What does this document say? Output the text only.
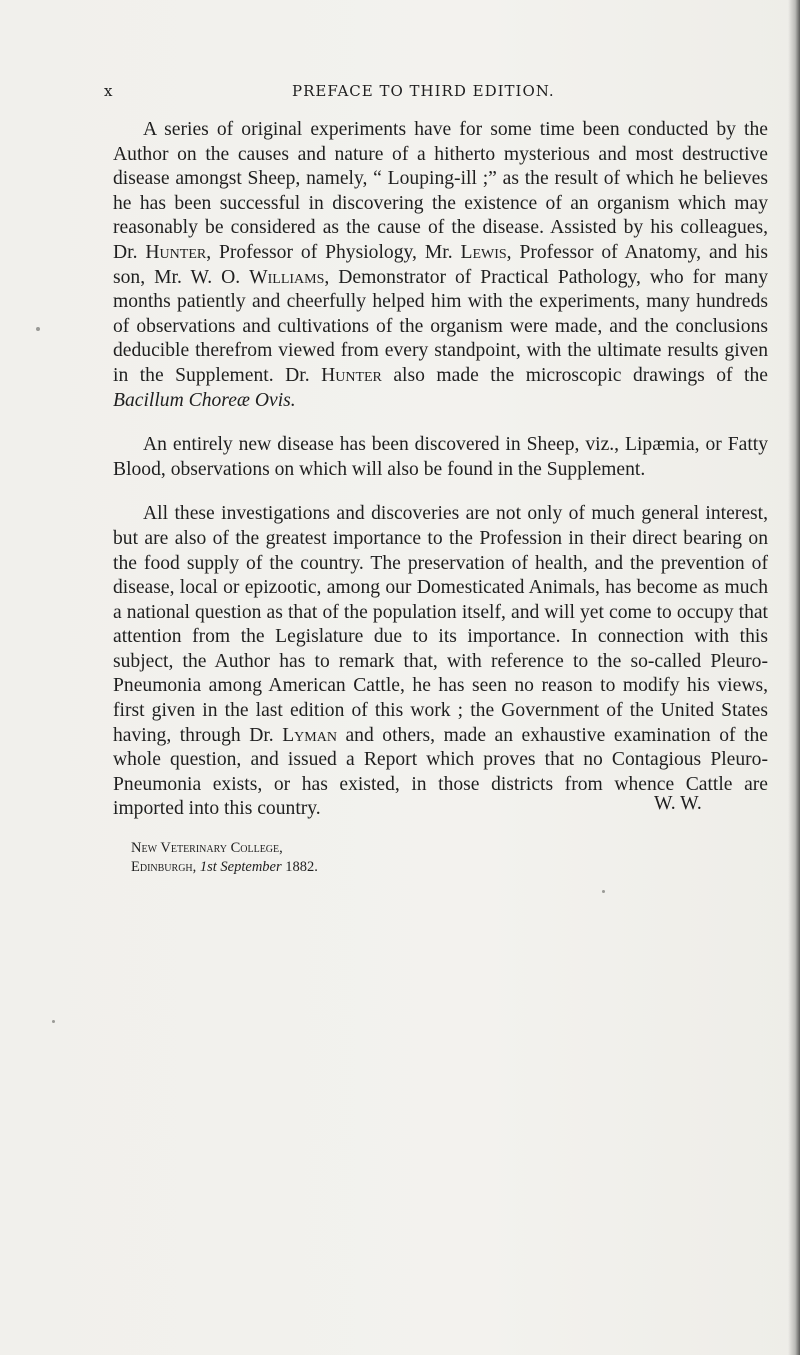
x	PREFACE TO THIRD EDITION.

A series of original experiments have for some time been conducted by the Author on the causes and nature of a hitherto mysterious and most destructive disease amongst Sheep, namely, “ Louping-ill ;” as the result of which he believes he has been successful in discovering the existence of an organism which may reasonably be considered as the cause of the disease. Assisted by his colleagues, Dr. Hunter, Professor of Physiology, Mr. Lewis, Professor of Anatomy, and his son, Mr. W. O. Williams, Demonstrator of Practical Pathology, who for many months patiently and cheerfully helped him with the experiments, many hundreds of observations and cultivations of the organism were made, and the conclusions deducible therefrom viewed from every standpoint, with the ultimate results given in the Supplement. Dr. Hunter also made the microscopic drawings of the Bacillum Choreæ Ovis.

An entirely new disease has been discovered in Sheep, viz., Lipæmia, or Fatty Blood, observations on which will also be found in the Supplement.

All these investigations and discoveries are not only of much general interest, but are also of the greatest importance to the Profession in their direct bearing on the food supply of the country. The preservation of health, and the prevention of disease, local or epizootic, among our Domesticated Animals, has become as much a national question as that of the population itself, and will yet come to occupy that attention from the Legislature due to its importance. In connection with this subject, the Author has to remark that, with reference to the so-called Pleuro-Pneumonia among American Cattle, he has seen no reason to modify his views, first given in the last edition of this work ; the Government of the United States having, through Dr. Lyman and others, made an exhaustive examination of the whole question, and issued a Report which proves that no Contagious Pleuro-Pneumonia exists, or has existed, in those districts from whence Cattle are imported into this country.	W. W.
New Veterinary College,
Edinburgh, 1st September 1882.
